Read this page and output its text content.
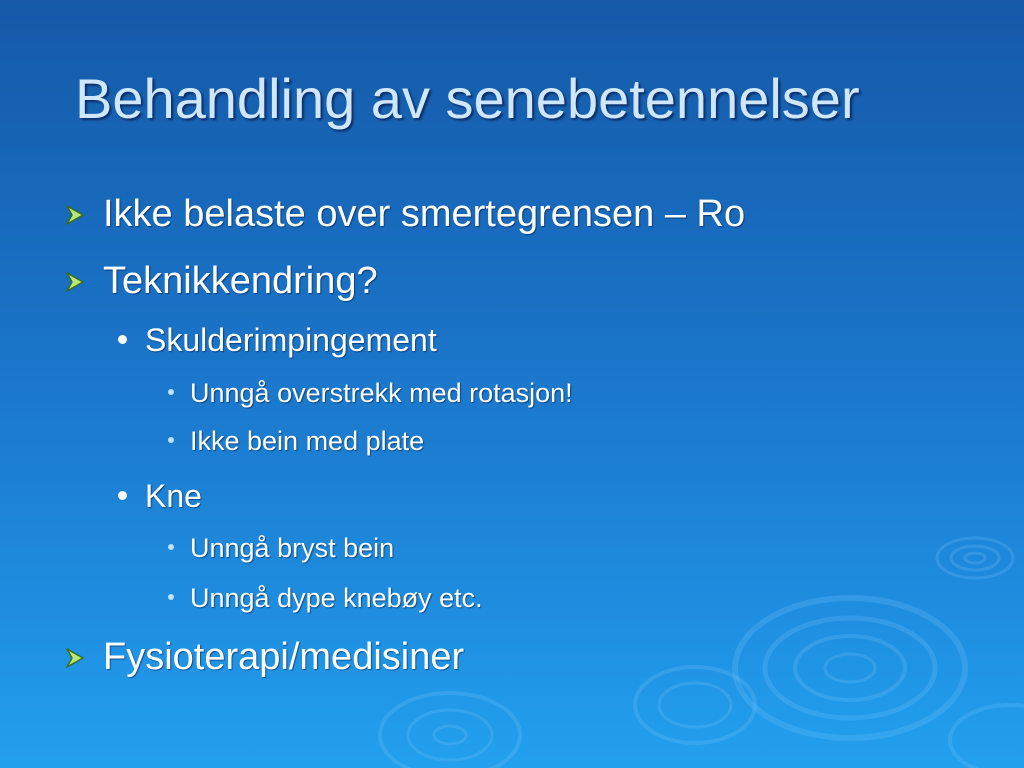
Behandling av senebetennelser
Ikke belaste over smertegrensen – Ro
Teknikkendring?
Skulderimpingement
Unngå overstrekk med rotasjon!
Ikke bein med plate
Kne
Unngå bryst bein
Unngå dype knebøy etc.
Fysioterapi/medisiner
